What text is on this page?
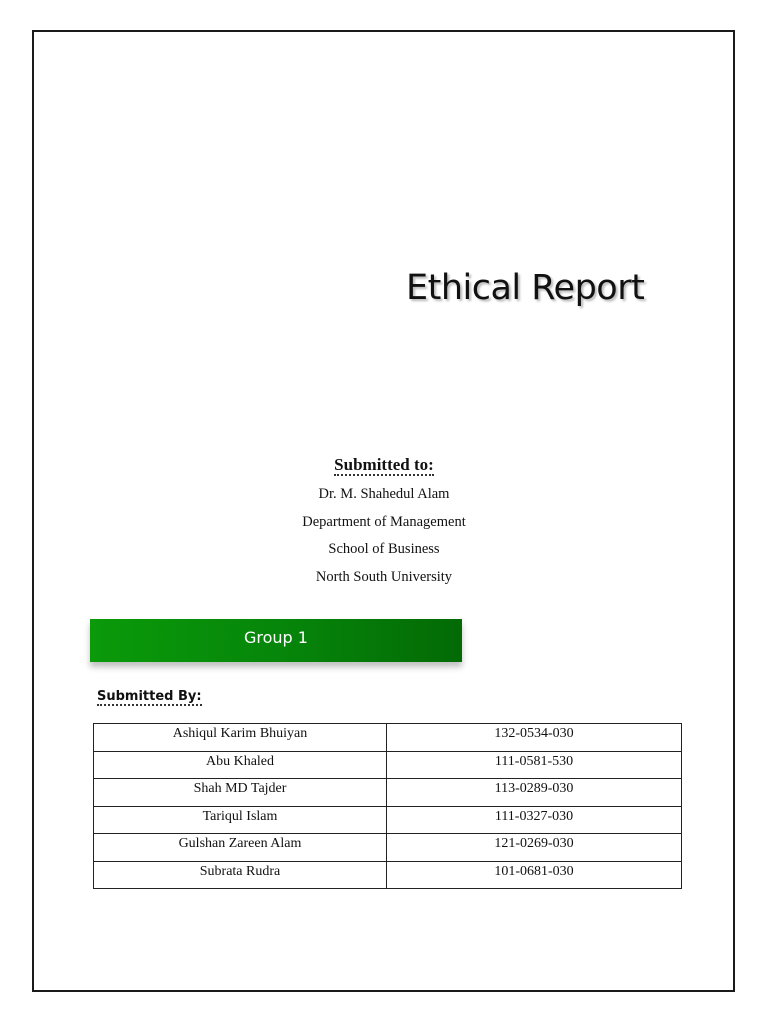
Ethical Report
Submitted to:
Dr. M. Shahedul Alam
Department of Management
School of Business
North South University
Group 1
Submitted By:
Ashiqul Karim Bhuiyan	132-0534-030
Abu Khaled	111-0581-530
Shah MD Tajder	113-0289-030
Tariqul Islam	111-0327-030
Gulshan Zareen Alam	121-0269-030
Subrata Rudra	101-0681-030
